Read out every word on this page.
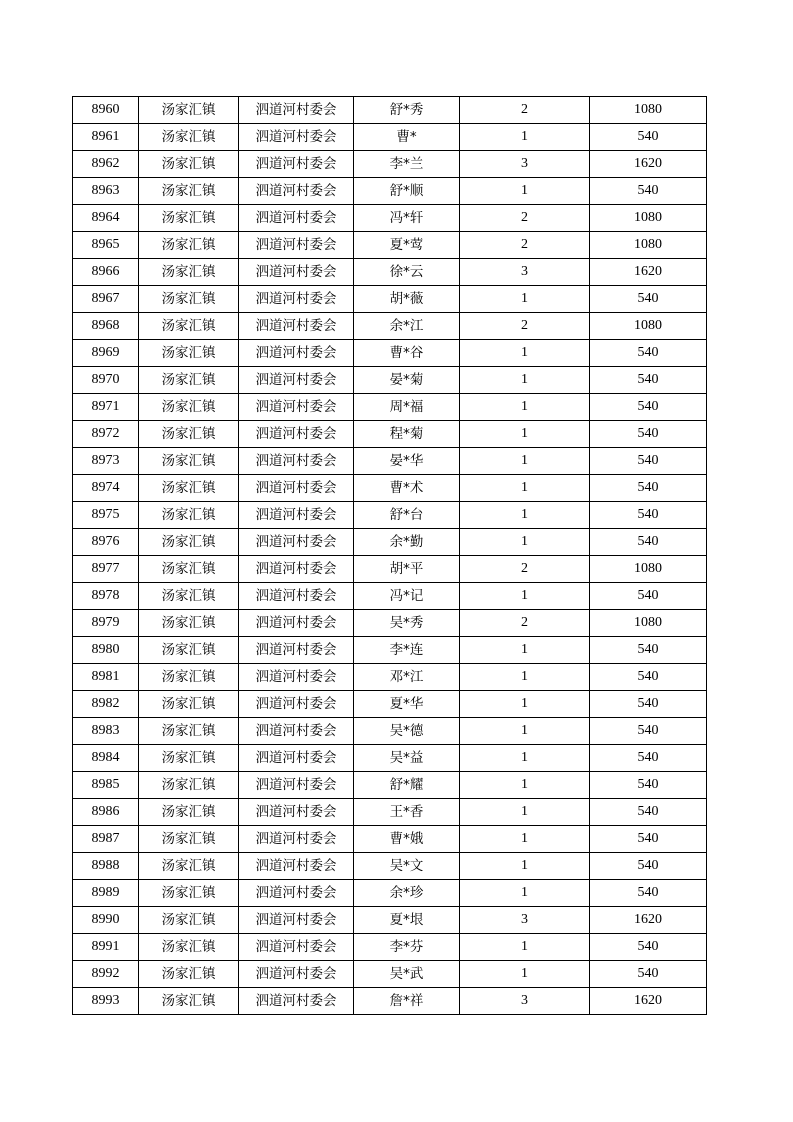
8960	汤家汇镇	泗道河村委会	舒*秀	2	1080
8961	汤家汇镇	泗道河村委会	曹*	1	540
8962	汤家汇镇	泗道河村委会	李*兰	3	1620
8963	汤家汇镇	泗道河村委会	舒*顺	1	540
8964	汤家汇镇	泗道河村委会	冯*轩	2	1080
8965	汤家汇镇	泗道河村委会	夏*莺	2	1080
8966	汤家汇镇	泗道河村委会	徐*云	3	1620
8967	汤家汇镇	泗道河村委会	胡*薇	1	540
8968	汤家汇镇	泗道河村委会	余*江	2	1080
8969	汤家汇镇	泗道河村委会	曹*谷	1	540
8970	汤家汇镇	泗道河村委会	晏*菊	1	540
8971	汤家汇镇	泗道河村委会	周*福	1	540
8972	汤家汇镇	泗道河村委会	程*菊	1	540
8973	汤家汇镇	泗道河村委会	晏*华	1	540
8974	汤家汇镇	泗道河村委会	曹*术	1	540
8975	汤家汇镇	泗道河村委会	舒*台	1	540
8976	汤家汇镇	泗道河村委会	余*勤	1	540
8977	汤家汇镇	泗道河村委会	胡*平	2	1080
8978	汤家汇镇	泗道河村委会	冯*记	1	540
8979	汤家汇镇	泗道河村委会	吴*秀	2	1080
8980	汤家汇镇	泗道河村委会	李*连	1	540
8981	汤家汇镇	泗道河村委会	邓*江	1	540
8982	汤家汇镇	泗道河村委会	夏*华	1	540
8983	汤家汇镇	泗道河村委会	吴*德	1	540
8984	汤家汇镇	泗道河村委会	吴*益	1	540
8985	汤家汇镇	泗道河村委会	舒*耀	1	540
8986	汤家汇镇	泗道河村委会	王*香	1	540
8987	汤家汇镇	泗道河村委会	曹*娥	1	540
8988	汤家汇镇	泗道河村委会	吴*文	1	540
8989	汤家汇镇	泗道河村委会	余*珍	1	540
8990	汤家汇镇	泗道河村委会	夏*垠	3	1620
8991	汤家汇镇	泗道河村委会	李*芬	1	540
8992	汤家汇镇	泗道河村委会	吴*武	1	540
8993	汤家汇镇	泗道河村委会	詹*祥	3	1620
